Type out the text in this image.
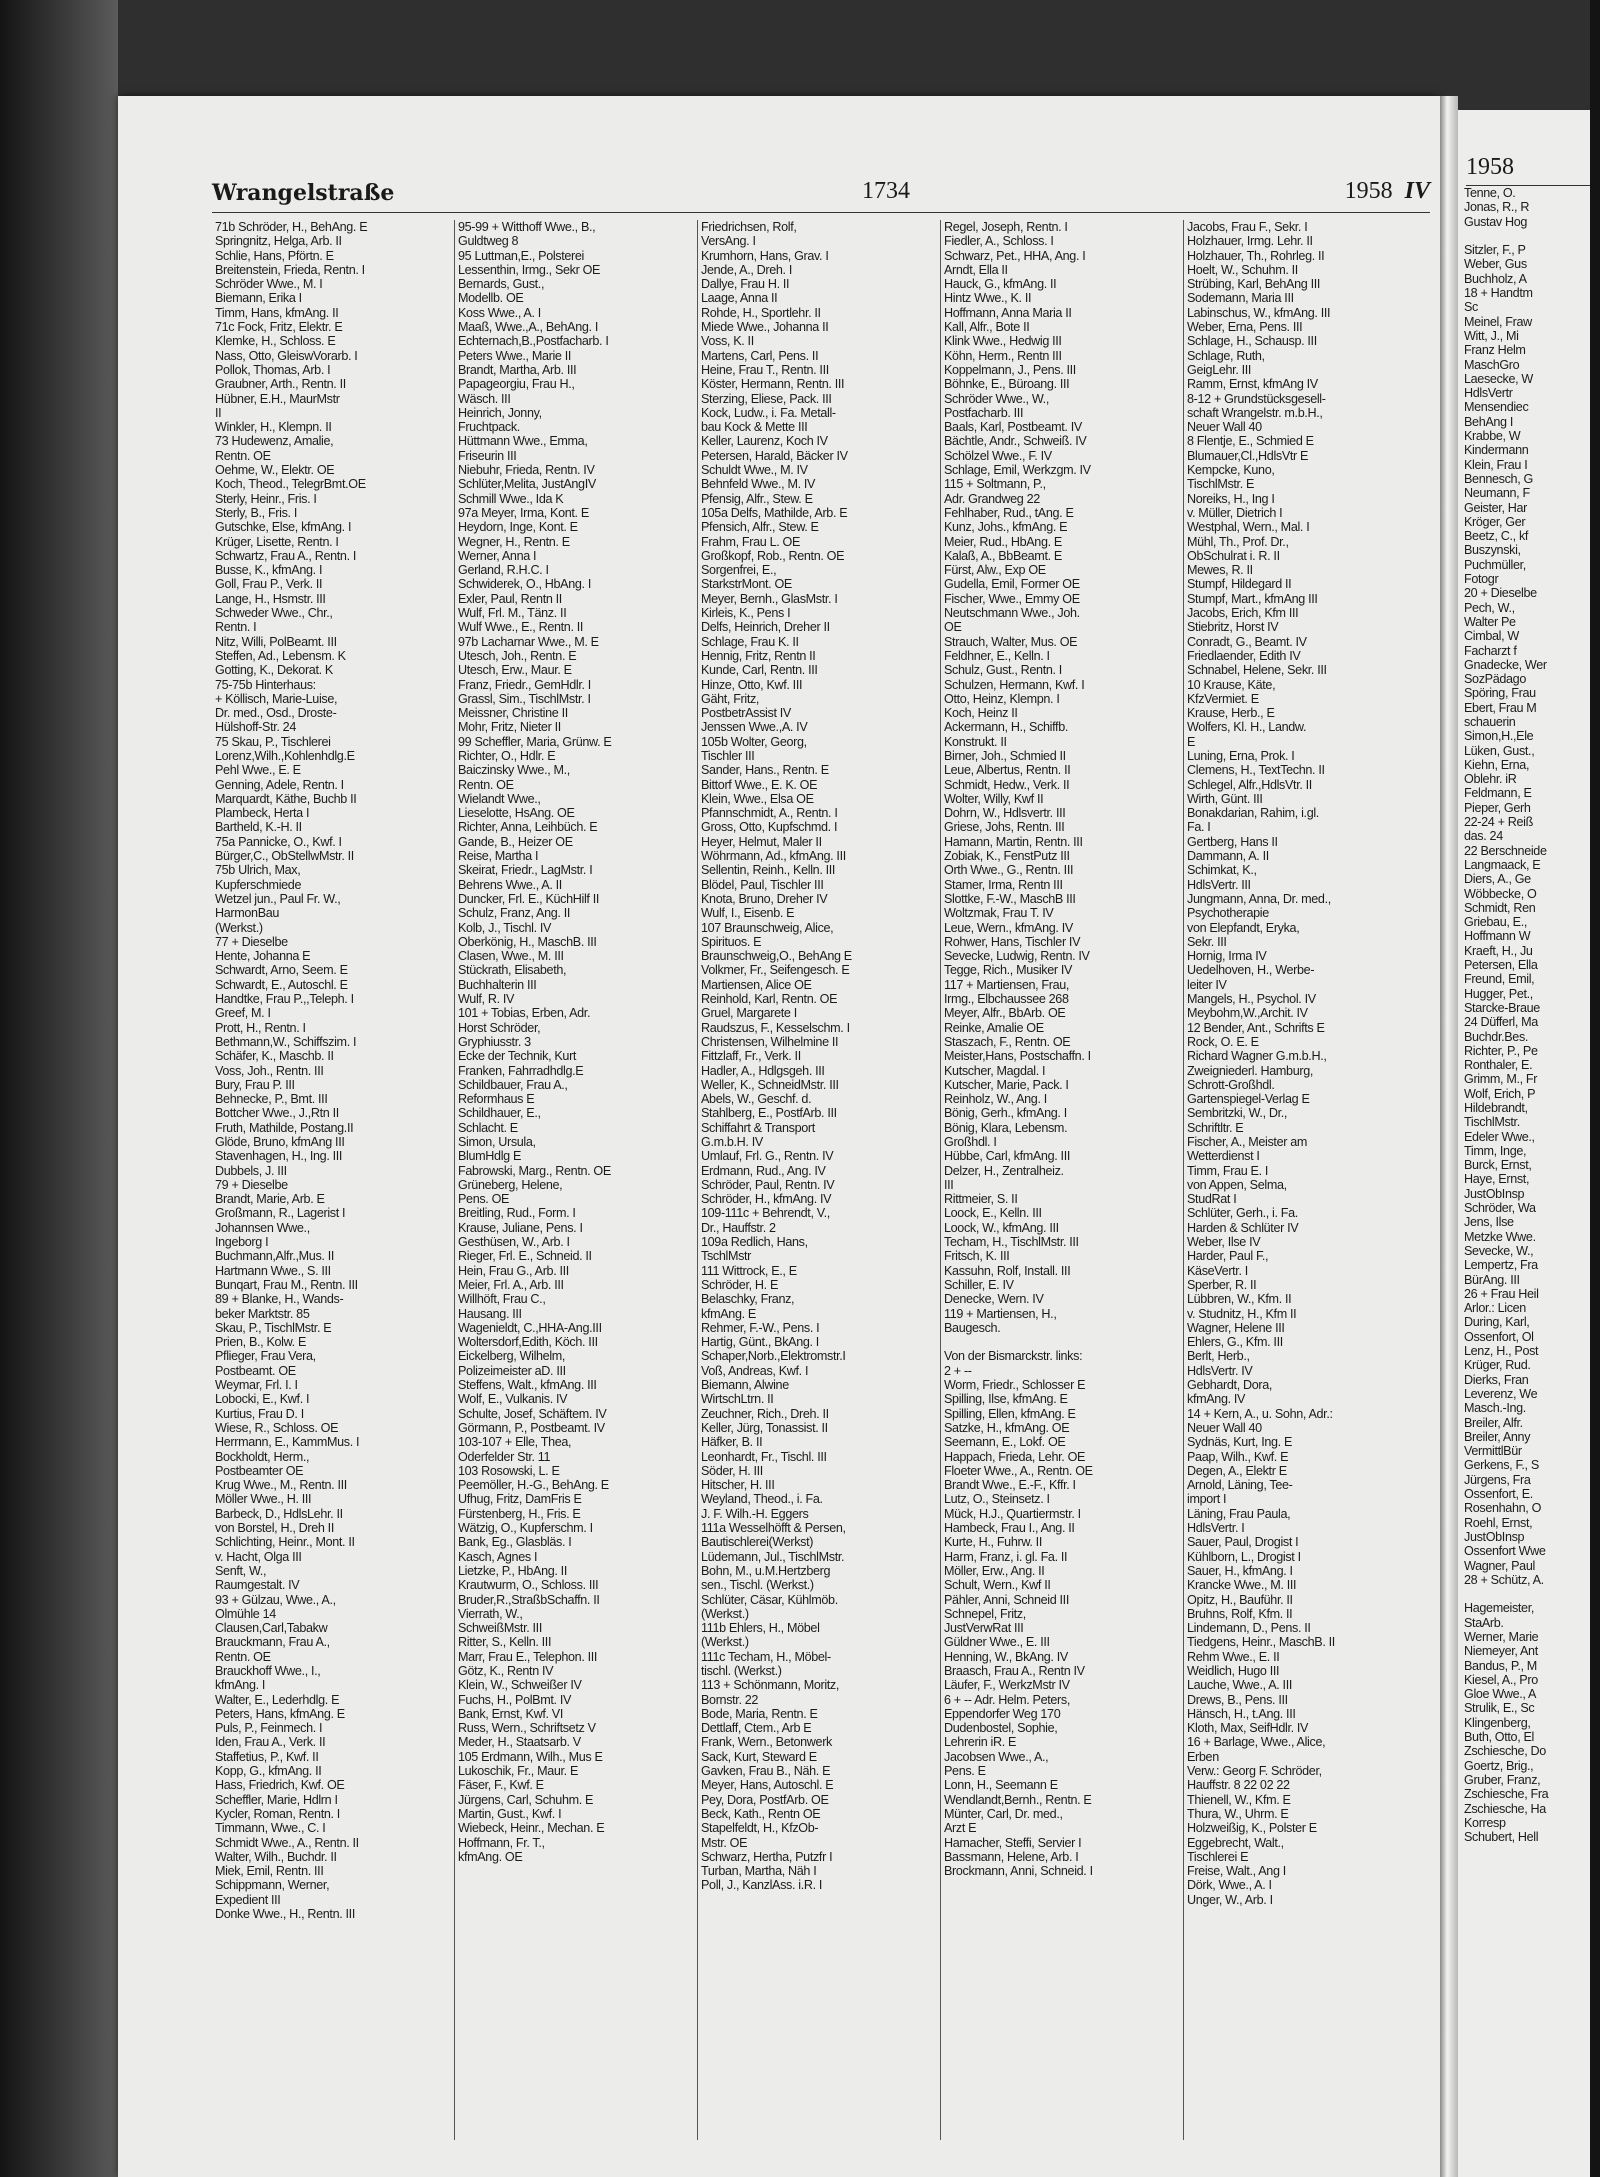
Wrangelstraße	1734	1958 IV
71b Schröder, H., BehAng. E
Springnitz, Helga, Arb. II
Schlie, Hans, Pförtn. E
Breitenstein, Frieda, Rentn. I
Schröder Wwe., M. I
Biemann, Erika I
Timm, Hans, kfmAng. II
71c Fock, Fritz, Elektr. E
Klemke, H., Schloss. E
Nass, Otto, GleiswVorarb. I
Pollok, Thomas, Arb. I
Graubner, Arth., Rentn. II
Hübner, E.H., MaurMstr
II
Winkler, H., Klempn. II
73 Hudewenz, Amalie,
Rentn. OE
Oehme, W., Elektr. OE
Koch, Theod., TelegrBmt.OE
Sterly, Heinr., Fris. I
Sterly, B., Fris. I
Gutschke, Else, kfmAng. I
Krüger, Lisette, Rentn. I
Schwartz, Frau A., Rentn. I
Busse, K., kfmAng. I
Goll, Frau P., Verk. II
Lange, H., Hsmstr. III
Schweder Wwe., Chr.,
Rentn. I
Nitz, Willi, PolBeamt. III
Steffen, Ad., Lebensm. K
Gotting, K., Dekorat. K
75-75b Hinterhaus:
+ Köllisch, Marie-Luise,
Dr. med., Osd., Droste-
Hülshoff-Str. 24
75 Skau, P., Tischlerei
Lorenz,Wilh.,Kohlenhdlg.E
Pehl Wwe., E. E
Genning, Adele, Rentn. I
Marquardt, Käthe, Buchb II
Plambeck, Herta I
Bartheld, K.-H. II
75a Pannicke, O., Kwf. I
Bürger,C., ObStellwMstr. II
75b Ulrich, Max,
Kupferschmiede
Wetzel jun., Paul Fr. W.,
HarmonBau
(Werkst.)
77 + Dieselbe
Hente, Johanna E
Schwardt, Arno, Seem. E
Schwardt, E., Autoschl. E
Handtke, Frau P.,,Teleph. I
Greef, M. I
Prott, H., Rentn. I
Bethmann,W., Schiffszim. I
Schäfer, K., Maschb. II
Voss, Joh., Rentn. III
Bury, Frau P. III
Behnecke, P., Bmt. III
Bottcher Wwe., J.,Rtn II
Fruth, Mathilde, Postang.II
Glöde, Bruno, kfmAng III
Stavenhagen, H., Ing. III
Dubbels, J. III
79 + Dieselbe
Brandt, Marie, Arb. E
Großmann, R., Lagerist I
Johannsen Wwe.,
Ingeborg I
Buchmann,Alfr.,Mus. II
Hartmann Wwe., S. III
Bunqart, Frau M., Rentn. III
89 + Blanke, H., Wands-
beker Marktstr. 85
Skau, P., TischlMstr. E
Prien, B., Kolw. E
Pflieger, Frau Vera,
Postbeamt. OE
Weymar, Frl. I. I
Lobocki, E., Kwf. I
Kurtius, Frau D. I
Wiese, R., Schloss. OE
Herrmann, E., KammMus. I
Bockholdt, Herm.,
Postbeamter OE
Krug Wwe., M., Rentn. III
Möller Wwe., H. III
Barbeck, D., HdlsLehr. II
von Borstel, H., Dreh II
Schlichting, Heinr., Mont. II
v. Hacht, Olga III
Senft, W.,
Raumgestalt. IV
93 + Gülzau, Wwe., A.,
Olmühle 14
Clausen,Carl,Tabakw
Brauckmann, Frau A.,
Rentn. OE
Brauckhoff Wwe., I.,
kfmAng. I
Walter, E., Lederhdlg. E
Peters, Hans, kfmAng. E
Puls, P., Feinmech. I
Iden, Frau A., Verk. II
Staffetius, P., Kwf. II
Kopp, G., kfmAng. II
Hass, Friedrich, Kwf. OE
Scheffler, Marie, Hdlrn I
Kycler, Roman, Rentn. I
Timmann, Wwe., C. I
Schmidt Wwe., A., Rentn. II
Walter, Wilh., Buchdr. II
Miek, Emil, Rentn. III
Schippmann, Werner,
Expedient III
Donke Wwe., H., Rentn. III
95-99 + Witthoff Wwe., B.,
Guldtweg 8
95 Luttman,E., Polsterei
Lessenthin, Irmg., Sekr OE
Bernards, Gust.,
Modellb. OE
Koss Wwe., A. I
Maaß, Wwe.,A., BehAng. I
Echternach,B.,Postfacharb. I
Peters Wwe., Marie II
Brandt, Martha, Arb. III
Papageorgiu, Frau H.,
Wäsch. III
Heinrich, Jonny,
Fruchtpack.
Hüttmann Wwe., Emma,
Friseurin III
Niebuhr, Frieda, Rentn. IV
Schlüter,Melita, JustAngIV
Schmill Wwe., Ida K
97a Meyer, Irma, Kont. E
Heydorn, Inge, Kont. E
Wegner, H., Rentn. E
Werner, Anna I
Gerland, R.H.C. I
Schwiderek, O., HbAng. I
Exler, Paul, Rentn II
Wulf, Frl. M., Tänz. II
Wulf Wwe., E., Rentn. II
97b Lacharnar Wwe., M. E
Utesch, Joh., Rentn. E
Utesch, Erw., Maur. E
Franz, Friedr., GemHdlr. I
Grassl, Sim., TischlMstr. I
Meissner, Christine II
Mohr, Fritz, Nieter II
99 Scheffler, Maria, Grünw. E
Richter, O., Hdlr. E
Baiczinsky Wwe., M.,
Rentn. OE
Wielandt Wwe.,
Lieselotte, HsAng. OE
Richter, Anna, Leihbüch. E
Gande, B., Heizer OE
Reise, Martha I
Skeirat, Friedr., LagMstr. I
Behrens Wwe., A. II
Duncker, Frl. E., KüchHilf II
Schulz, Franz, Ang. II
Kolb, J., Tischl. IV
Oberkönig, H., MaschB. III
Clasen, Wwe., M. III
Stückrath, Elisabeth,
Buchhalterin III
Wulf, R. IV
101 + Tobias, Erben, Adr.
Horst Schröder,
Gryphiusstr. 3
Ecke der Technik, Kurt
Franken, Fahrradhdlg.E
Schildbauer, Frau A.,
Reformhaus E
Schildhauer, E.,
Schlacht. E
Simon, Ursula,
BlumHdlg E
Fabrowski, Marg., Rentn. OE
Grüneberg, Helene,
Pens. OE
Breitling, Rud., Form. I
Krause, Juliane, Pens. I
Gesthüsen, W., Arb. I
Rieger, Frl. E., Schneid. II
Hein, Frau G., Arb. III
Meier, Frl. A., Arb. III
Willhöft, Frau C.,
Hausang. III
Wagenieldt, C.,HHA-Ang.III
Woltersdorf,Edith, Köch. III
Eickelberg, Wilhelm,
Polizeimeister aD. III
Steffens, Walt., kfmAng. III
Wolf, E., Vulkanis. IV
Schulte, Josef, Schäftem. IV
Görmann, P., Postbeamt. IV
103-107 + Elle, Thea,
Oderfelder Str. 11
103 Rosowski, L. E
Peemöller, H.-G., BehAng. E
Ufhug, Fritz, DamFris E
Fürstenberg, H., Fris. E
Wätzig, O., Kupferschm. I
Bank, Eg., Glasbläs. I
Kasch, Agnes I
Lietzke, P., HbAng. II
Krautwurm, O., Schloss. III
Bruder,R.,StraßbSchaffn. II
Vierrath, W.,
SchweißMstr. III
Ritter, S., Kelln. III
Marr, Frau E., Telephon. III
Götz, K., Rentn IV
Klein, W., Schweißer IV
Fuchs, H., PolBmt. IV
Bank, Ernst, Kwf. VI
Russ, Wern., Schriftsetz V
Meder, H., Staatsarb. V
105 Erdmann, Wilh., Mus E
Lukoschik, Fr., Maur. E
Fäser, F., Kwf. E
Jürgens, Carl, Schuhm. E
Martin, Gust., Kwf. I
Wiebeck, Heinr., Mechan. E
Hoffmann, Fr. T.,
kfmAng. OE
Friedrichsen, Rolf,
VersAng. I
Krumhorn, Hans, Grav. I
Jende, A., Dreh. I
Dallye, Frau H. II
Laage, Anna II
Rohde, H., Sportlehr. II
Miede Wwe., Johanna II
Voss, K. II
Martens, Carl, Pens. II
Heine, Frau T., Rentn. III
Köster, Hermann, Rentn. III
Sterzing, Eliese, Pack. III
Kock, Ludw., i. Fa. Metall-
bau Kock & Mette III
Keller, Laurenz, Koch IV
Petersen, Harald, Bäcker IV
Schuldt Wwe., M. IV
Behnfeld Wwe., M. IV
Pfensig, Alfr., Stew. E
105a Delfs, Mathilde, Arb. E
Pfensich, Alfr., Stew. E
Frahm, Frau L. OE
Großkopf, Rob., Rentn. OE
Sorgenfrei, E.,
StarkstrMont. OE
Meyer, Bernh., GlasMstr. I
Kirleis, K., Pens I
Delfs, Heinrich, Dreher II
Schlage, Frau K. II
Hennig, Fritz, Rentn II
Kunde, Carl, Rentn. III
Hinze, Otto, Kwf. III
Gäht, Fritz,
PostbetrAssist IV
Jenssen Wwe.,A. IV
105b Wolter, Georg,
Tischler III
Sander, Hans., Rentn. E
Bittorf Wwe., E. K. OE
Klein, Wwe., Elsa OE
Pfannschmidt, A., Rentn. I
Gross, Otto, Kupfschmd. I
Heyer, Helmut, Maler II
Wöhrmann, Ad., kfmAng. III
Sellentin, Reinh., Kelln. III
Blödel, Paul, Tischler III
Knota, Bruno, Dreher IV
Wulf, I., Eisenb. E
107 Braunschweig, Alice,
Spirituos. E
Braunschweig,O., BehAng E
Volkmer, Fr., Seifengesch. E
Martiensen, Alice OE
Reinhold, Karl, Rentn. OE
Gruel, Margarete I
Raudszus, F., Kesselschm. I
Christensen, Wilhelmine II
Fittzlaff, Fr., Verk. II
Hadler, A., Hdlgsgeh. III
Weller, K., SchneidMstr. III
Abels, W., Geschf. d.
Stahlberg, E., PostfArb. III
Schiffahrt & Transport
G.m.b.H. IV
Umlauf, Frl. G., Rentn. IV
Erdmann, Rud., Ang. IV
Schröder, Paul, Rentn. IV
Schröder, H., kfmAng. IV
109-111c + Behrendt, V.,
Dr., Hauffstr. 2
109a Redlich, Hans,
TschlMstr
111 Wittrock, E., E
Schröder, H. E
Belaschky, Franz,
kfmAng. E
Rehmer, F.-W., Pens. I
Hartig, Günt., BkAng. I
Schaper,Norb.,Elektromstr.I
Voß, Andreas, Kwf. I
Biemann, Alwine
WirtschLtrn. II
Zeuchner, Rich., Dreh. II
Keller, Jürg, Tonassist. II
Häfker, B. II
Leonhardt, Fr., Tischl. III
Söder, H. III
Hitscher, H. III
Weyland, Theod., i. Fa.
J. F. Wilh.-H. Eggers
111a Wesselhöfft & Persen,
Bautischlerei(Werkst)
Lüdemann, Jul., TischlMstr.
Bohn, M., u.M.Hertzberg
sen., Tischl. (Werkst.)
Schlüter, Cäsar, Kühlmöb.
(Werkst.)
111b Ehlers, H., Möbel
(Werkst.)
111c Techam, H., Möbel-
tischl. (Werkst.)
113 + Schönmann, Moritz,
Bornstr. 22
Bode, Maria, Rentn. E
Dettlaff, Ctem., Arb E
Frank, Wern., Betonwerk
Sack, Kurt, Steward E
Gavken, Frau B., Näh. E
Meyer, Hans, Autoschl. E
Pey, Dora, PostfArb. OE
Beck, Kath., Rentn OE
Stapelfeldt, H., KfzOb-
Mstr. OE
Schwarz, Hertha, Putzfr I
Turban, Martha, Näh I
Poll, J., KanzlAss. i.R. I
Regel, Joseph, Rentn. I
Fiedler, A., Schloss. I
Schwarz, Pet., HHA, Ang. I
Arndt, Ella II
Hauck, G., kfmAng. II
Hintz Wwe., K. II
Hoffmann, Anna Maria II
Kall, Alfr., Bote II
Klink Wwe., Hedwig III
Köhn, Herm., Rentn III
Koppelmann, J., Pens. III
Böhnke, E., Büroang. III
Schröder Wwe., W.,
Postfacharb. III
Baals, Karl, Postbeamt. IV
Bächtle, Andr., Schweiß. IV
Schölzel Wwe., F. IV
Schlage, Emil, Werkzgm. IV
115 + Soltmann, P.,
Adr. Grandweg 22
Fehlhaber, Rud., tAng. E
Kunz, Johs., kfmAng. E
Meier, Rud., HbAng. E
Kalaß, A., BbBeamt. E
Fürst, Alw., Exp OE
Gudella, Emil, Former OE
Fischer, Wwe., Emmy OE
Neutschmann Wwe., Joh.
OE
Strauch, Walter, Mus. OE
Feldhner, E., Kelln. I
Schulz, Gust., Rentn. I
Schulzen, Hermann, Kwf. I
Otto, Heinz, Klempn. I
Koch, Heinz II
Ackermann, H., Schiffb.
Konstrukt. II
Birner, Joh., Schmied II
Leue, Albertus, Rentn. II
Schmidt, Hedw., Verk. II
Wolter, Willy, Kwf II
Dohrn, W., Hdlsvertr. III
Griese, Johs, Rentn. III
Hamann, Martin, Rentn. III
Zobiak, K., FenstPutz III
Orth Wwe., G., Rentn. III
Stamer, Irma, Rentn III
Slottke, F.-W., MaschB III
Woltzmak, Frau T. IV
Leue, Wern., kfmAng. IV
Rohwer, Hans, Tischler IV
Sevecke, Ludwig, Rentn. IV
Tegge, Rich., Musiker IV
117 + Martiensen, Frau,
Irmg., Elbchaussee 268
Meyer, Alfr., BbArb. OE
Reinke, Amalie OE
Staszach, F., Rentn. OE
Meister,Hans, Postschaffn. I
Kutscher, Magdal. I
Kutscher, Marie, Pack. I
Reinholz, W., Ang. I
Bönig, Gerh., kfmAng. I
Bönig, Klara, Lebensm.
Großhdl. I
Hübbe, Carl, kfmAng. III
Delzer, H., Zentralheiz.
III
Rittmeier, S. II
Loock, E., Kelln. III
Loock, W., kfmAng. III
Techam, H., TischlMstr. III
Fritsch, K. III
Kassuhn, Rolf, Install. III
Schiller, E. IV
Denecke, Wern. IV
119 + Martiensen, H.,
Baugesch.

Von der Bismarckstr. links:
2 + --
Worm, Friedr., Schlosser E
Spilling, Ilse, kfmAng. E
Spilling, Ellen, kfmAng. E
Satzke, H., kfmAng. OE
Seemann, E., Lokf. OE
Happach, Frieda, Lehr. OE
Floeter Wwe., A., Rentn. OE
Brandt Wwe., E.-F., Kffr. I
Lutz, O., Steinsetz. I
Mück, H.J., Quartiermstr. I
Hambeck, Frau I., Ang. II
Kurte, H., Fuhrw. II
Harm, Franz, i. gl. Fa. II
Möller, Erw., Ang. II
Schult, Wern., Kwf II
Pähler, Anni, Schneid III
Schnepel, Fritz,
JustVerwRat III
Güldner Wwe., E. III
Henning, W., BkAng. IV
Braasch, Frau A., Rentn IV
Läufer, F., WerkzMstr IV
6 + -- Adr. Helm. Peters,
Eppendorfer Weg 170
Dudenbostel, Sophie,
Lehrerin iR. E
Jacobsen Wwe., A.,
Pens. E
Lonn, H., Seemann E
Wendlandt,Bernh., Rentn. E
Münter, Carl, Dr. med.,
Arzt E
Hamacher, Steffi, Servier I
Bassmann, Helene, Arb. I
Brockmann, Anni, Schneid. I
Jacobs, Frau F., Sekr. I
Holzhauer, Irmg. Lehr. II
Holzhauer, Th., Rohrleg. II
Hoelt, W., Schuhm. II
Strübing, Karl, BehAng III
Sodemann, Maria III
Labinschus, W., kfmAng. III
Weber, Erna, Pens. III
Schlage, H., Schausp. III
Schlage, Ruth,
GeigLehr. III
Ramm, Ernst, kfmAng IV
8-12 + Grundstücksgesell-
schaft Wrangelstr. m.b.H.,
Neuer Wall 40
8 Flentje, E., Schmied E
Blumauer,Cl.,HdlsVtr E
Kempcke, Kuno,
TischlMstr. E
Noreiks, H., Ing I
v. Müller, Dietrich I
Westphal, Wern., Mal. I
Mühl, Th., Prof. Dr.,
ObSchulrat i. R. II
Mewes, R. II
Stumpf, Hildegard II
Stumpf, Mart., kfmAng III
Jacobs, Erich, Kfm III
Stiebritz, Horst IV
Conradt, G., Beamt. IV
Friedlaender, Edith IV
Schnabel, Helene, Sekr. III
10 Krause, Käte,
KfzVermiet. E
Krause, Herb., E
Wolfers, Kl. H., Landw.
E
Luning, Erna, Prok. I
Clemens, H., TextTechn. II
Schlegel, Alfr.,HdlsVtr. II
Wirth, Günt. III
Bonakdarian, Rahim, i.gl.
Fa. I
Gertberg, Hans II
Dammann, A. II
Schimkat, K.,
HdlsVertr. III
Jungmann, Anna, Dr. med.,
Psychotherapie
von Elepfandt, Eryka,
Sekr. III
Hornig, Irma IV
Uedelhoven, H., Werbe-
leiter IV
Mangels, H., Psychol. IV
Meybohm,W.,Archit. IV
12 Bender, Ant., Schrifts E
Rock, O. E. E
Richard Wagner G.m.b.H.,
Zweigniederl. Hamburg,
Schrott-Großhdl.
Gartenspiegel-Verlag E
Sembritzki, W., Dr.,
Schriftltr. E
Fischer, A., Meister am
Wetterdienst I
Timm, Frau E. I
von Appen, Selma,
StudRat I
Schlüter, Gerh., i. Fa.
Harden & Schlüter IV
Weber, Ilse IV
Harder, Paul F.,
KäseVertr. I
Sperber, R. II
Lübbren, W., Kfm. II
v. Studnitz, H., Kfm II
Wagner, Helene III
Ehlers, G., Kfm. III
Berlt, Herb.,
HdlsVertr. IV
Gebhardt, Dora,
kfmAng. IV
14 + Kern, A., u. Sohn, Adr.:
Neuer Wall 40
Sydnäs, Kurt, Ing. E
Paap, Wilh., Kwf. E
Degen, A., Elektr E
Arnold, Läning, Tee-
import I
Läning, Frau Paula,
HdlsVertr. I
Sauer, Paul, Drogist I
Kühlborn, L., Drogist I
Sauer, H., kfmAng. I
Krancke Wwe., M. III
Opitz, H., Bauführ. II
Bruhns, Rolf, Kfm. II
Lindemann, D., Pens. II
Tiedgens, Heinr., MaschB. II
Rehm Wwe., E. II
Weidlich, Hugo III
Lauche, Wwe., A. III
Drews, B., Pens. III
Hänsch, H., t.Ang. III
Kloth, Max, SeifHdlr. IV
16 + Barlage, Wwe., Alice,
Erben
Verw.: Georg F. Schröder,
Hauffstr. 8 22 02 22
Thienell, W., Kfm. E
Thura, W., Uhrm. E
Holzweißig, K., Polster E
Eggebrecht, Walt.,
Tischlerei E
Freise, Walt., Ang I
Dörk, Wwe., A. I
Unger, W., Arb. I
1958
Tenne, O.
Jonas, R., R
Gustav Hog

Sitzler, F., P
Weber, Gus
Buchholz, A
18 + Handtm
Sc
Meinel, Fraw
Witt, J., Mi
Franz Helm
MaschGro
Laesecke, W
HdlsVertr
Mensendiec
BehAng I
Krabbe, W
Kindermann
Klein, Frau I
Bennesch, G
Neumann, F
Geister, Har
Kröger, Ger
Beetz, C., kf
Buszynski,
Puchmüller,
Fotogr
20 + Dieselbe
Pech, W.,
Walter Pe
Cimbal, W
Facharzt f
Gnadecke, Wer
SozPädago
Spöring, Frau
Ebert, Frau M
schauerin
Simon,H.,Ele
Lüken, Gust.,
Kiehn, Erna,
Oblehr. iR
Feldmann, E
Pieper, Gerh
22-24 + Reiß
das. 24
22 Berschneide
Langmaack, E
Diers, A., Ge
Wöbbecke, O
Schmidt, Ren
Griebau, E.,
Hoffmann W
Kraeft, H., Ju
Petersen, Ella
Freund, Emil,
Hugger, Pet.,
Starcke-Braue
24 Düfferl, Ma
Buchdr.Bes.
Richter, P., Pe
Ronthaler, E.
Grimm, M., Fr
Wolf, Erich, P
Hildebrandt,
TischlMstr.
Edeler Wwe.,
Timm, Inge,
Burck, Ernst,
Haye, Ernst,
JustObInsp
Schröder, Wa
Jens, Ilse
Metzke Wwe.
Sevecke, W.,
Lempertz, Fra
BürAng. III
26 + Frau Heil
Arlor.: Licen
During, Karl,
Ossenfort, Ol
Lenz, H., Post
Krüger, Rud.
Dierks, Fran
Leverenz, We
Masch.-Ing.
Breiler, Alfr.
Breiler, Anny
VermittlBür
Gerkens, F., S
Jürgens, Fra
Ossenfort, E.
Rosenhahn, O
Roehl, Ernst,
JustObInsp
Ossenfort Wwe
Wagner, Paul
28 + Schütz, A.

Hagemeister,
StaArb.
Werner, Marie
Niemeyer, Ant
Bandus, P., M
Kiesel, A., Pro
Gloe Wwe., A
Strulik, E., Sc
Klingenberg,
Buth, Otto, El
Zschiesche, Do
Goertz, Brig.,
Gruber, Franz,
Zschiesche, Fra
Zschiesche, Ha
Korresp
Schubert, Hell
